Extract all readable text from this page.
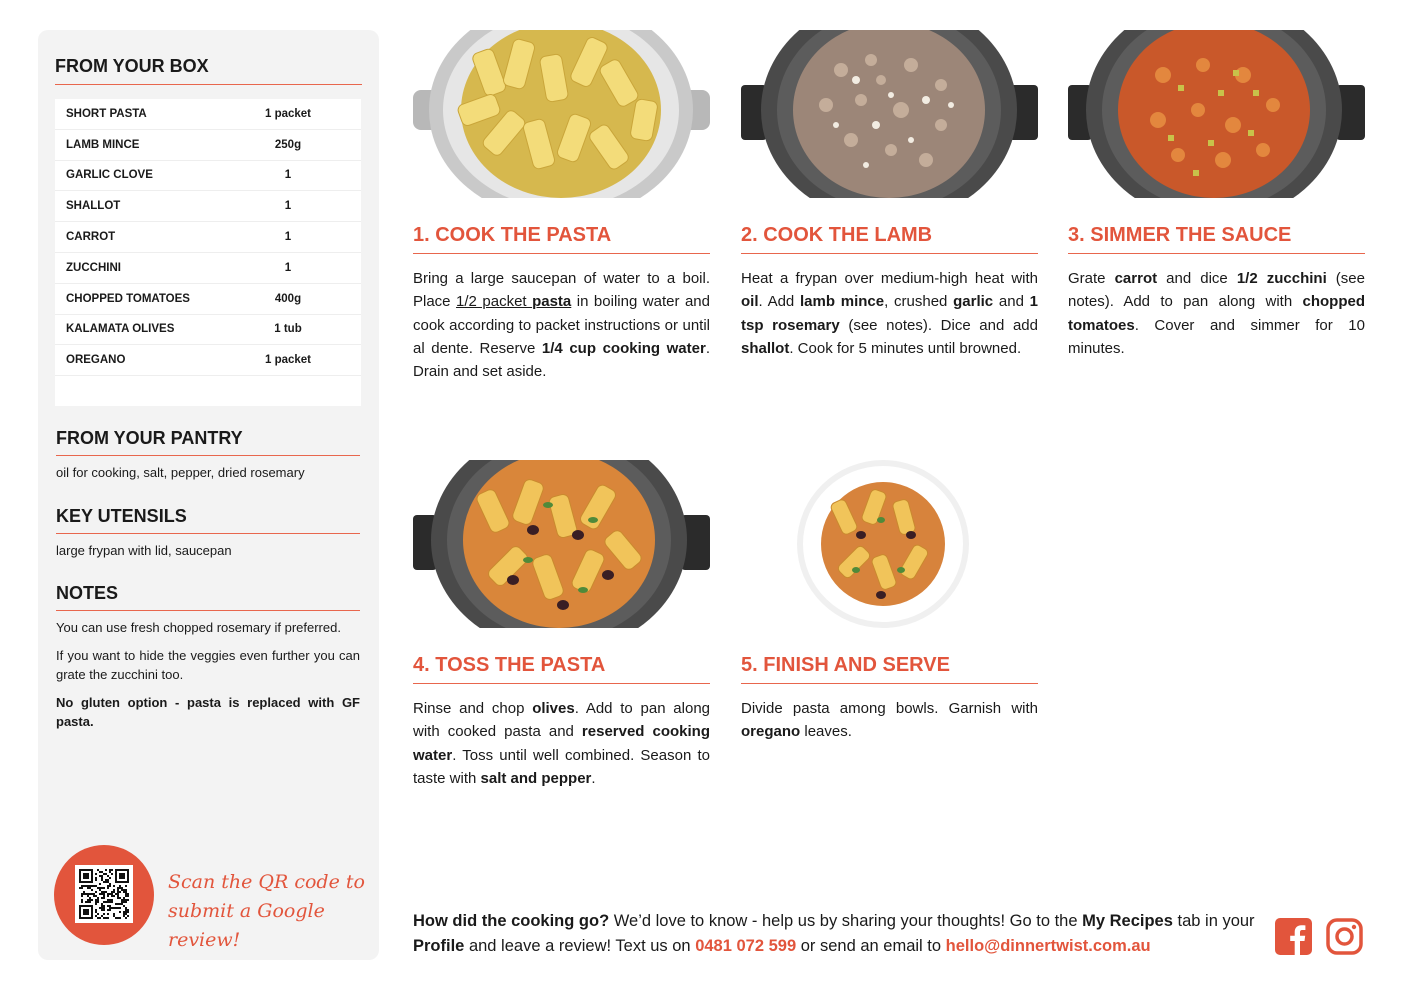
FROM YOUR BOX
SHORT PASTA	1 packet
LAMB MINCE	250g
GARLIC CLOVE	1
SHALLOT	1
CARROT	1
ZUCCHINI	1
CHOPPED TOMATOES	400g
KALAMATA OLIVES	1 tub
OREGANO	1 packet
FROM YOUR PANTRY
oil for cooking, salt, pepper, dried rosemary
KEY UTENSILS
large frypan with lid, saucepan
NOTES

You can use fresh chopped rosemary if preferred.

If you want to hide the veggies even further you can grate the zucchini too.

No gluten option - pasta is replaced with GF pasta.

Scan the QR code to
submit a Google review!
1. COOK THE PASTA
Bring a large saucepan of water to a boil. Place 1/2 packet pasta in boiling water and cook according to packet instructions or until al dente. Reserve 1/4 cup cooking water. Drain and set aside.
2. COOK THE LAMB
Heat a frypan over medium-high heat with oil. Add lamb mince, crushed garlic and 1 tsp rosemary (see notes). Dice and add shallot. Cook for 5 minutes until browned.
3. SIMMER THE SAUCE
Grate carrot and dice 1/2 zucchini (see notes). Add to pan along with chopped tomatoes. Cover and simmer for 10 minutes.
4. TOSS THE PASTA
Rinse and chop olives. Add to pan along with cooked pasta and reserved cooking water. Toss until well combined. Season to taste with salt and pepper.
5. FINISH AND SERVE
Divide pasta among bowls. Garnish with oregano leaves.
How did the cooking go? We’d love to know - help us by sharing your thoughts! Go to the My Recipes tab in your Profile and leave a review! Text us on 0481 072 599 or send an email to hello@dinnertwist.com.au
